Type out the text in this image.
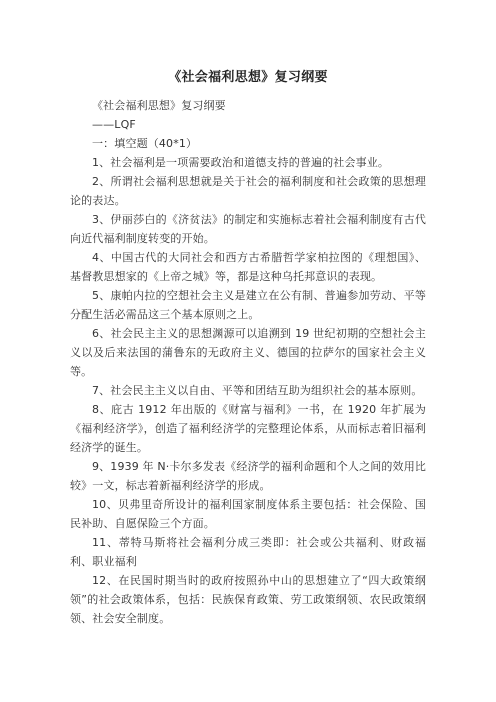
《社会福利思想》复习纲要

《社会福利思想》复习纲要

——LQF

一：填空题（40*1）

1、社会福利是一项需要政治和道德支持的普遍的社会事业。

2、所谓社会福利思想就是关于社会的福利制度和社会政策的思想理论的表达。

3、伊丽莎白的《济贫法》的制定和实施标志着社会福利制度有古代向近代福利制度转变的开始。

4、中国古代的大同社会和西方古希腊哲学家柏拉图的《理想国》、基督教思想家的《上帝之城》等，都是这种乌托邦意识的表现。

5、康帕内拉的空想社会主义是建立在公有制、普遍参加劳动、平等分配生活必需品这三个基本原则之上。

6、社会民主主义的思想渊源可以追溯到 19 世纪初期的空想社会主义以及后来法国的蒲鲁东的无政府主义、德国的拉萨尔的国家社会主义等。

7、社会民主主义以自由、平等和团结互助为组织社会的基本原则。

8、庇古 1912 年出版的《财富与福利》一书，在 1920 年扩展为《福利经济学》，创造了福利经济学的完整理论体系，从而标志着旧福利经济学的诞生。

9、1939 年 N·卡尔多发表《经济学的福利命题和个人之间的效用比较》一文，标志着新福利经济学的形成。

10、贝弗里奇所设计的福利国家制度体系主要包括：社会保险、国民补助、自愿保险三个方面。

11、蒂特马斯将社会福利分成三类即：社会或公共福利、财政福利、职业福利

12、在民国时期当时的政府按照孙中山的思想建立了“四大政策纲领”的社会政策体系，包括：民族保育政策、劳工政策纲领、农民政策纲领、社会安全制度。
